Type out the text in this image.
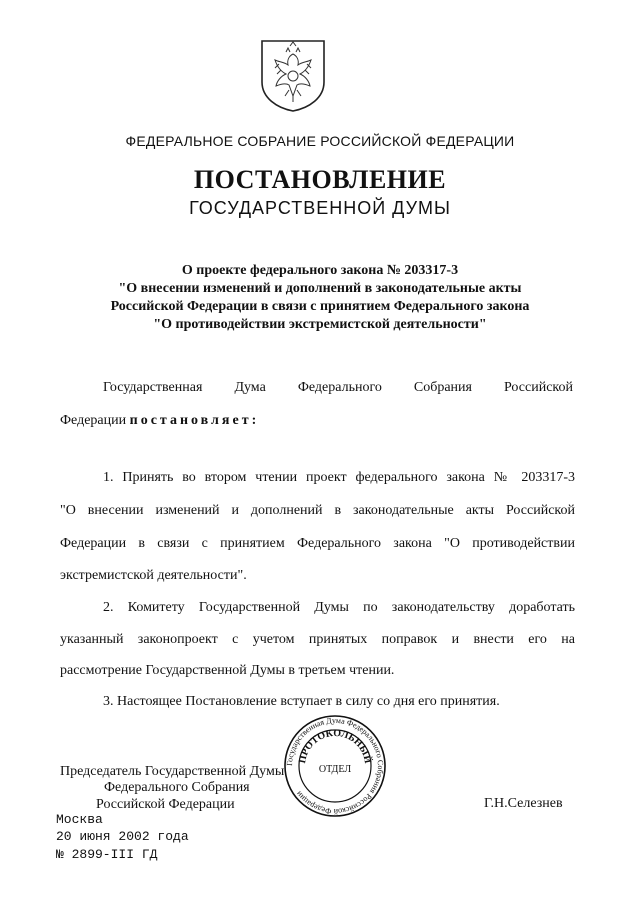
ФЕДЕРАЛЬНОЕ СОБРАНИЕ РОССИЙСКОЙ ФЕДЕРАЦИИ
ПОСТАНОВЛЕНИЕ
ГОСУДАРСТВЕННОЙ ДУМЫ
О проекте федерального закона № 203317-3
"О внесении изменений и дополнений в законодательные акты
Российской Федерации в связи с принятием Федерального закона
"О противодействии экстремистской деятельности"
Государственная Дума Федерального Собрания Российской
Федерации постановляет:
1. Принять во втором чтении проект федерального закона № 203317-3
"О внесении изменений и дополнений в законодательные акты Российской
Федерации в связи с принятием Федерального закона "О противодействии
экстремистской деятельности".
2. Комитету Государственной Думы по законодательству доработать
указанный законопроект с учетом принятых поправок и внести его на
рассмотрение Государственной Думы в третьем чтении.
3. Настоящее Постановление вступает в силу со дня его принятия.
Председатель Государственной Думы
Федерального Собрания
Российской Федерации	Г.Н.Селезнев
Государственная Дума Федерального Собрания Российской Федерации
ПРОТОКОЛЬНЫЙ
ОТДЕЛ
Москва
20 июня 2002 года
№ 2899-III ГД
